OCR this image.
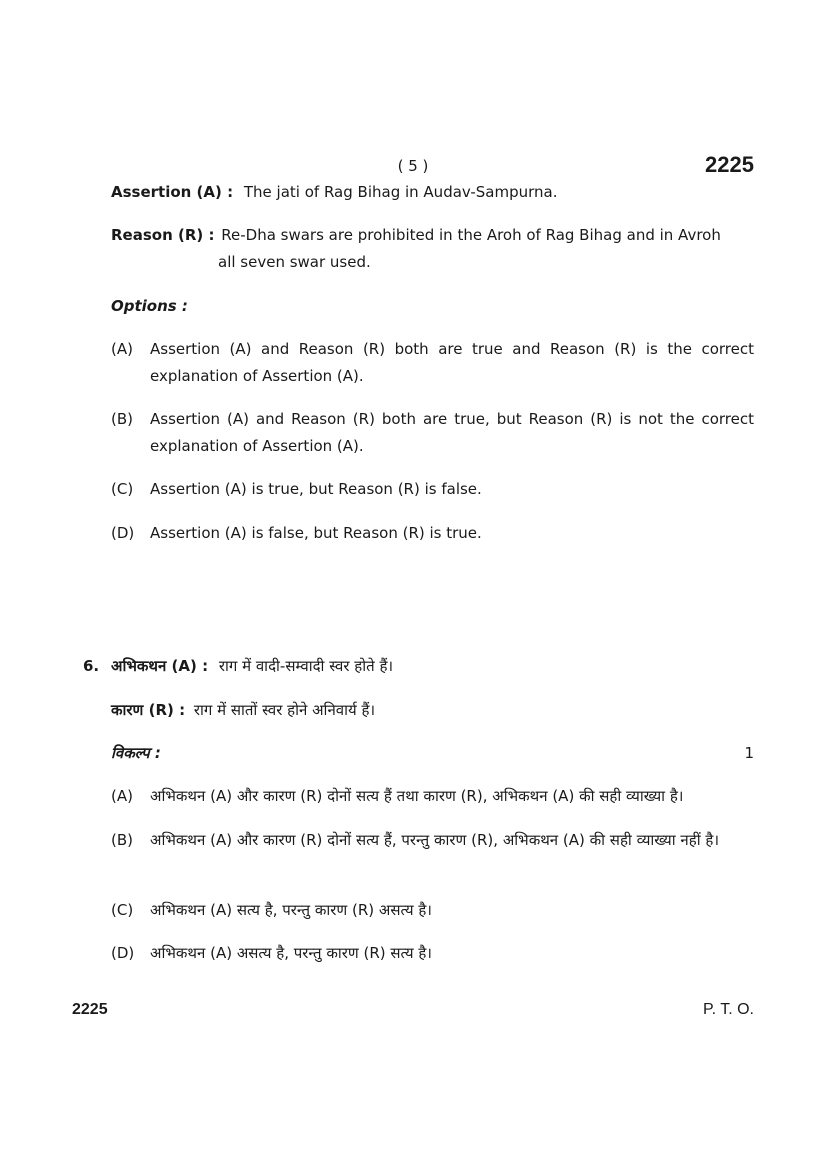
( 5 )	2225
Assertion (A) : The jati of Rag Bihag in Audav-Sampurna.
Reason (R) : Re-Dha swars are prohibited in the Aroh of Rag Bihag and in Avroh
all seven swar used.
Options :
(A) Assertion (A) and Reason (R) both are true and Reason (R) is the correct explanation of Assertion (A).
(B) Assertion (A) and Reason (R) both are true, but Reason (R) is not the correct explanation of Assertion (A).
(C) Assertion (A) is true, but Reason (R) is false.
(D) Assertion (A) is false, but Reason (R) is true.
6. अभिकथन (A) : राग में वादी-सम्वादी स्वर होते हैं।
कारण (R) : राग में सातों स्वर होने अनिवार्य हैं।
विकल्प :	1
(A) अभिकथन (A) और कारण (R) दोनों सत्य हैं तथा कारण (R), अभिकथन (A) की सही व्याख्या है।
(B) अभिकथन (A) और कारण (R) दोनों सत्य हैं, परन्तु कारण (R), अभिकथन (A) की सही व्याख्या नहीं है।
(C) अभिकथन (A) सत्य है, परन्तु कारण (R) असत्य है।
(D) अभिकथन (A) असत्य है, परन्तु कारण (R) सत्य है।
2225	P. T. O.
